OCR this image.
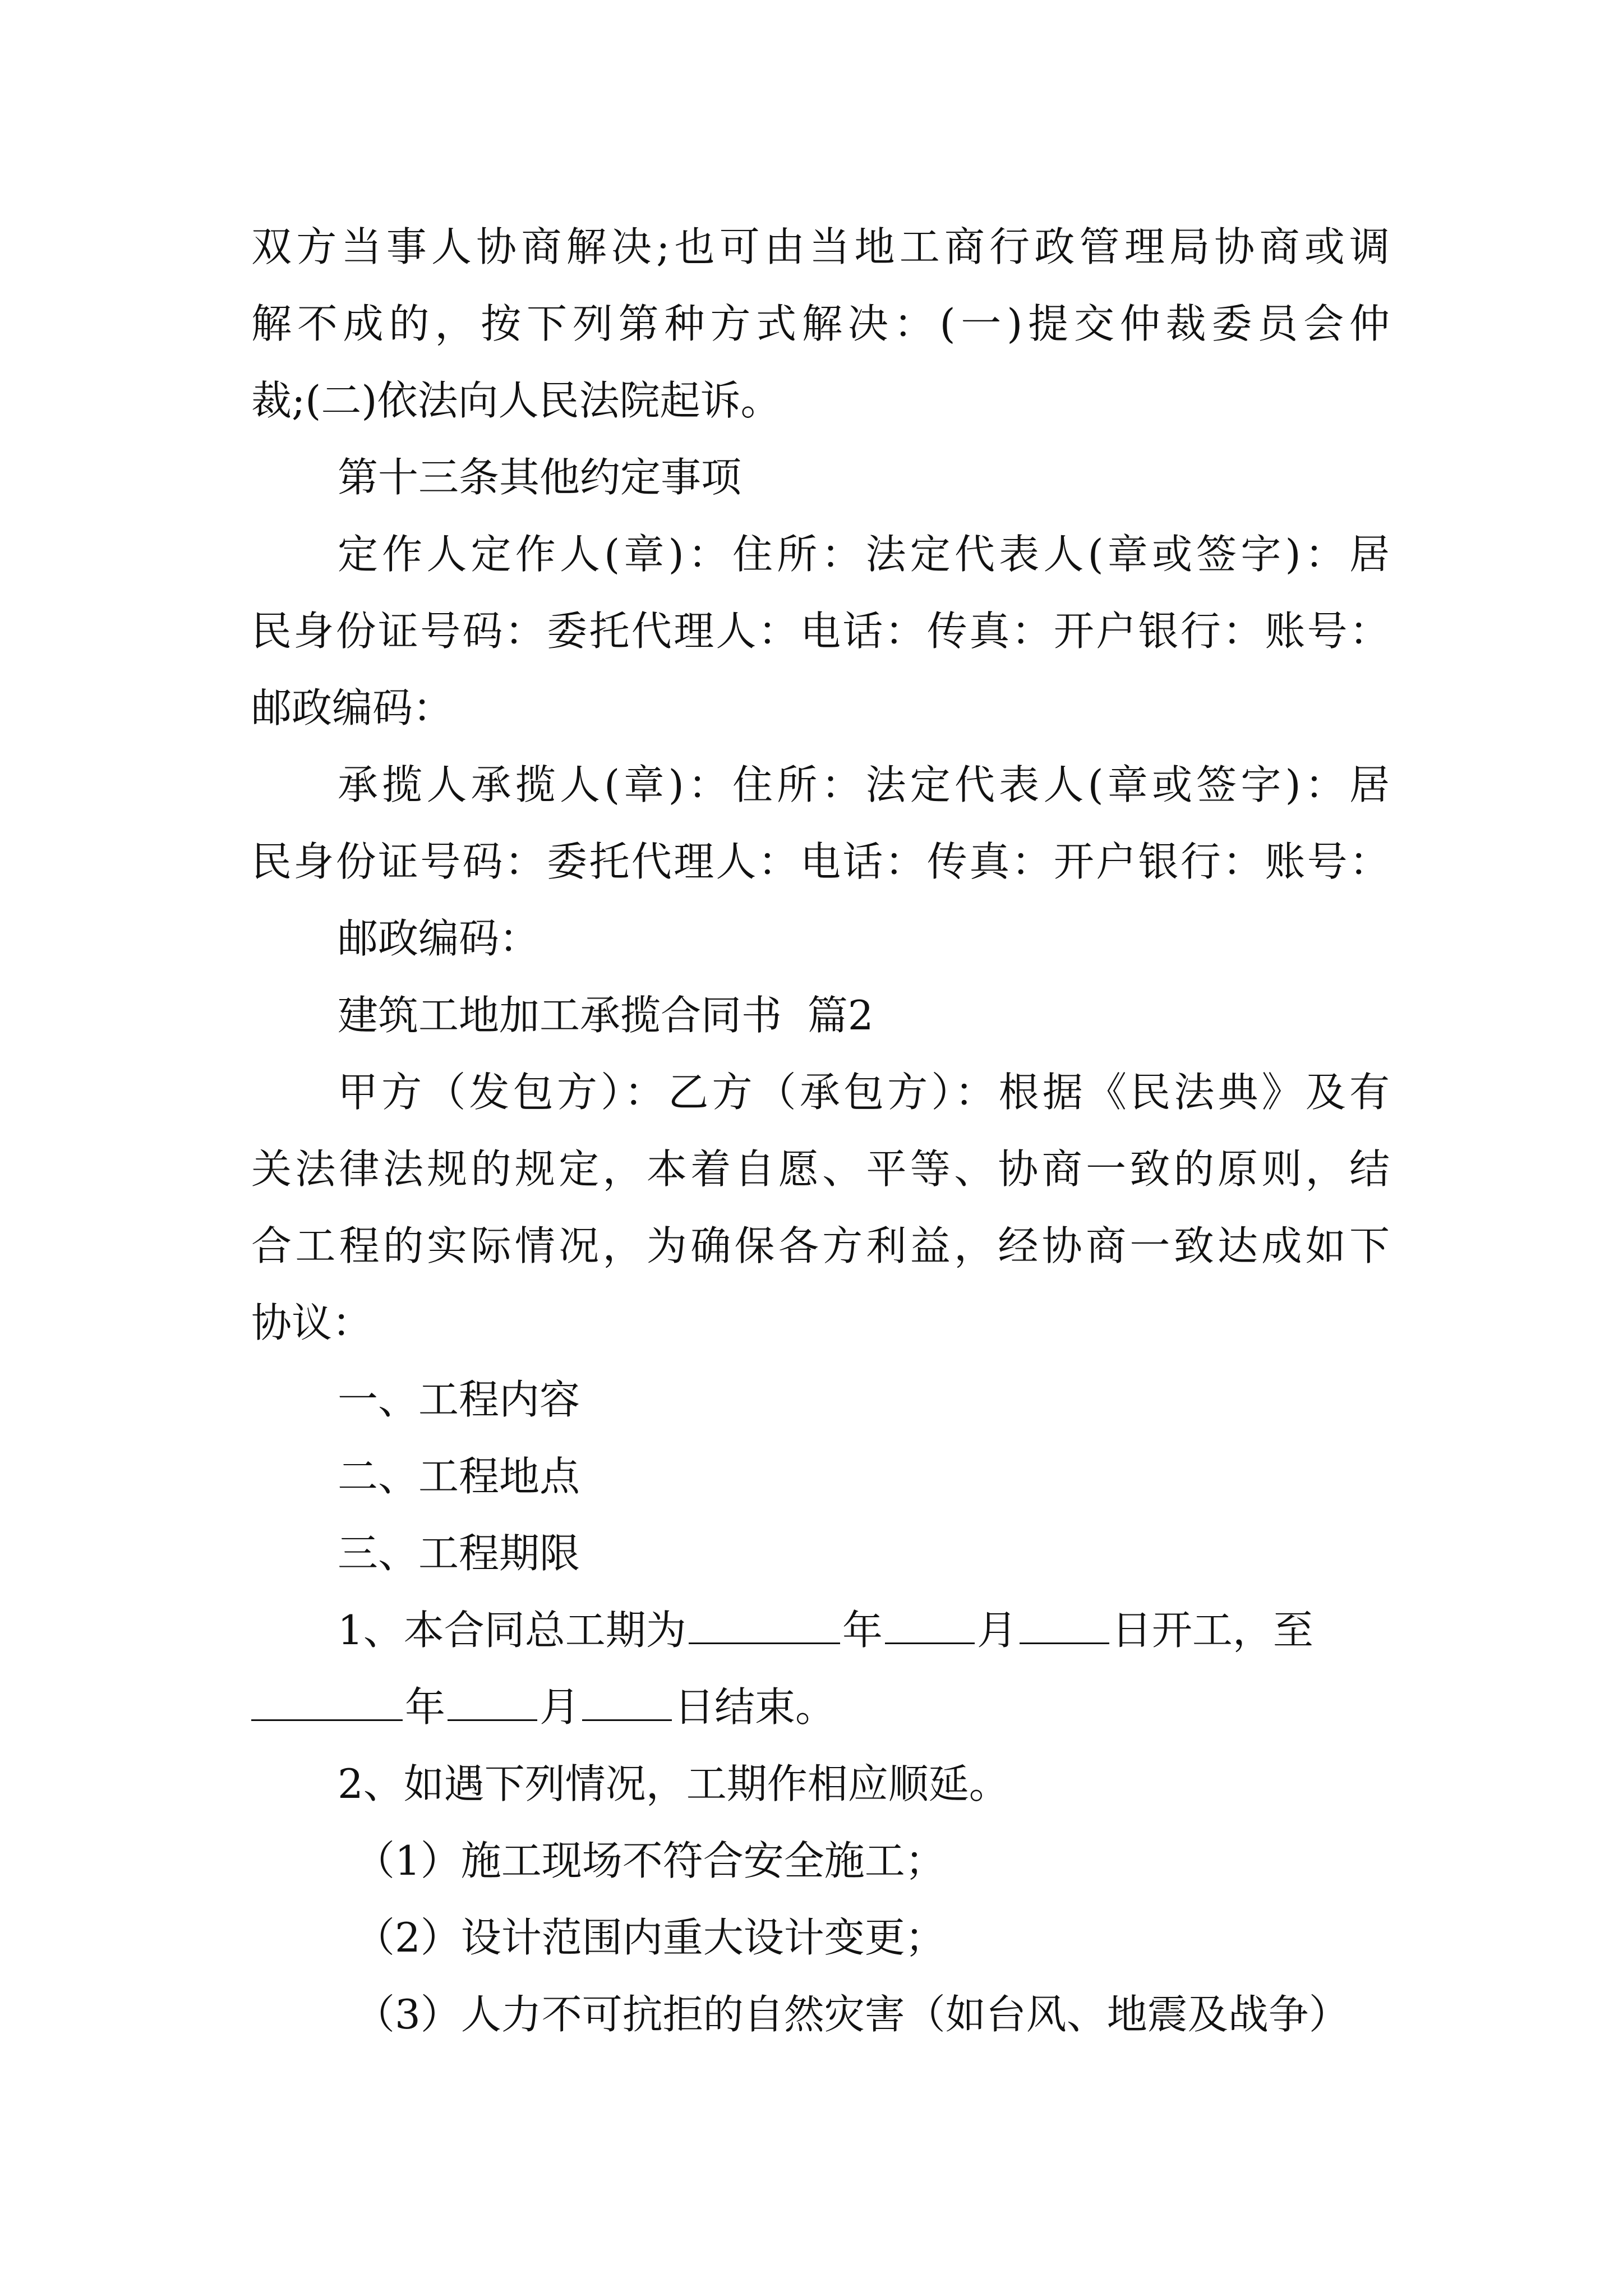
双方当事人协商解决;也可由当地工商行政管理局协商或调
解不成的，按下列第种方式解决：(一)提交仲裁委员会仲
裁;(二)依法向人民法院起诉。
第十三条其他约定事项
定作人定作人(章)：住所：法定代表人(章或签字)：居
民身份证号码：委托代理人：电话：传真：开户银行：账号：
邮政编码：
承揽人承揽人(章)：住所：法定代表人(章或签字)：居
民身份证号码：委托代理人：电话：传真：开户银行：账号：
邮政编码：
建筑工地加工承揽合同书  篇2
甲方（发包方）：乙方（承包方）：根据《民法典》及有
关法律法规的规定，本着自愿、平等、协商一致的原则，结
合工程的实际情况，为确保各方利益，经协商一致达成如下
协议：
一、工程内容
二、工程地点
三、工程期限
1、本合同总工期为	年 月 日开工，至
年 月 日结束。
2、如遇下列情况，工期作相应顺延。
（1）施工现场不符合安全施工；
（2）设计范围内重大设计变更；
（3）人力不可抗拒的自然灾害（如台风、地震及战争）
